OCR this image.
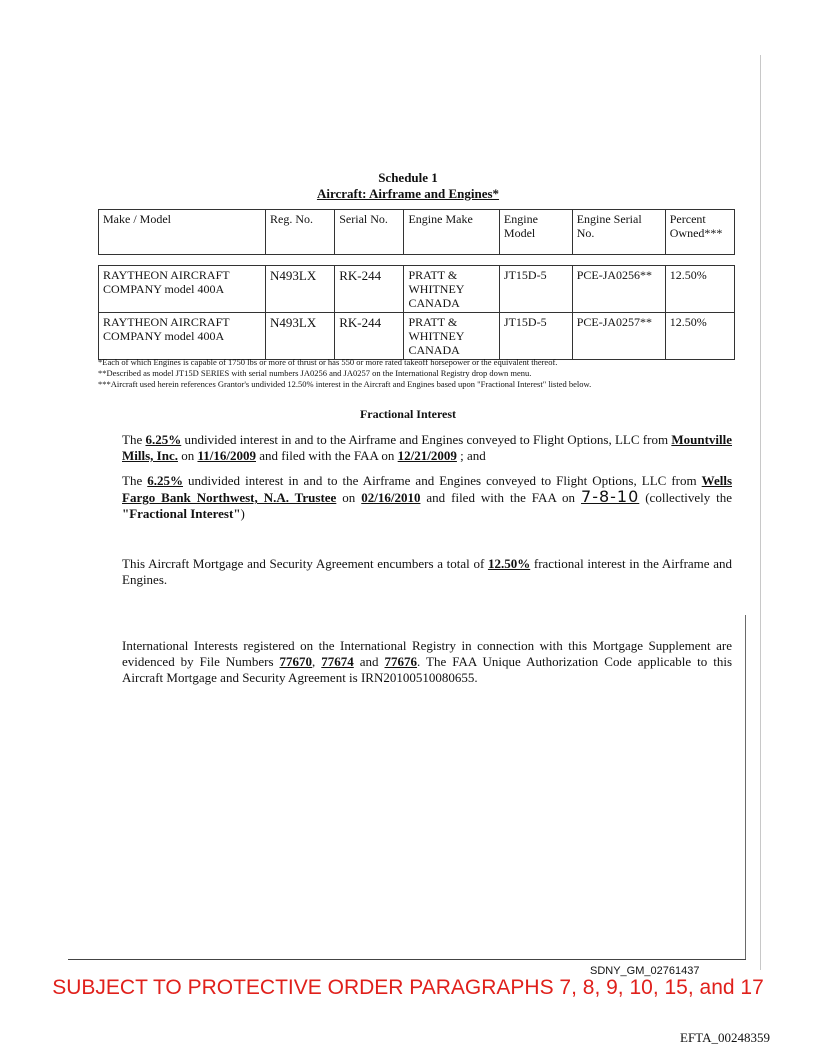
Schedule 1
Aircraft: Airframe and Engines*
Make / Model	Reg. No.	Serial No.	Engine Make	Engine Model	Engine Serial No.	Percent Owned***
RAYTHEON AIRCRAFT COMPANY model 400A	N493LX	RK-244	PRATT & WHITNEY CANADA	JT15D-5	PCE-JA0256**	12.50%
RAYTHEON AIRCRAFT COMPANY model 400A	N493LX	RK-244	PRATT & WHITNEY CANADA	JT15D-5	PCE-JA0257**	12.50%
*Each of which Engines is capable of 1750 lbs or more of thrust or has 550 or more rated takeoff horsepower or the equivalent thereof.
**Described as model JT15D SERIES with serial numbers JA0256 and JA0257 on the International Registry drop down menu.
***Aircraft used herein references Grantor's undivided 12.50% interest in the Aircraft and Engines based upon "Fractional Interest" listed below.
Fractional Interest
The 6.25% undivided interest in and to the Airframe and Engines conveyed to Flight Options, LLC from Mountville Mills, Inc. on 11/16/2009 and filed with the FAA on 12/21/2009 ; and
The 6.25% undivided interest in and to the Airframe and Engines conveyed to Flight Options, LLC from Wells Fargo Bank Northwest, N.A. Trustee on 02/16/2010 and filed with the FAA on 7-8-10 (collectively the "Fractional Interest")
This Aircraft Mortgage and Security Agreement encumbers a total of 12.50% fractional interest in the Airframe and Engines.
International Interests registered on the International Registry in connection with this Mortgage Supplement are evidenced by File Numbers 77670, 77674 and 77676. The FAA Unique Authorization Code applicable to this Aircraft Mortgage and Security Agreement is IRN20100510080655.
SDNY_GM_02761437
SUBJECT TO PROTECTIVE ORDER PARAGRAPHS 7, 8, 9, 10, 15, and 17
EFTA_00248359
